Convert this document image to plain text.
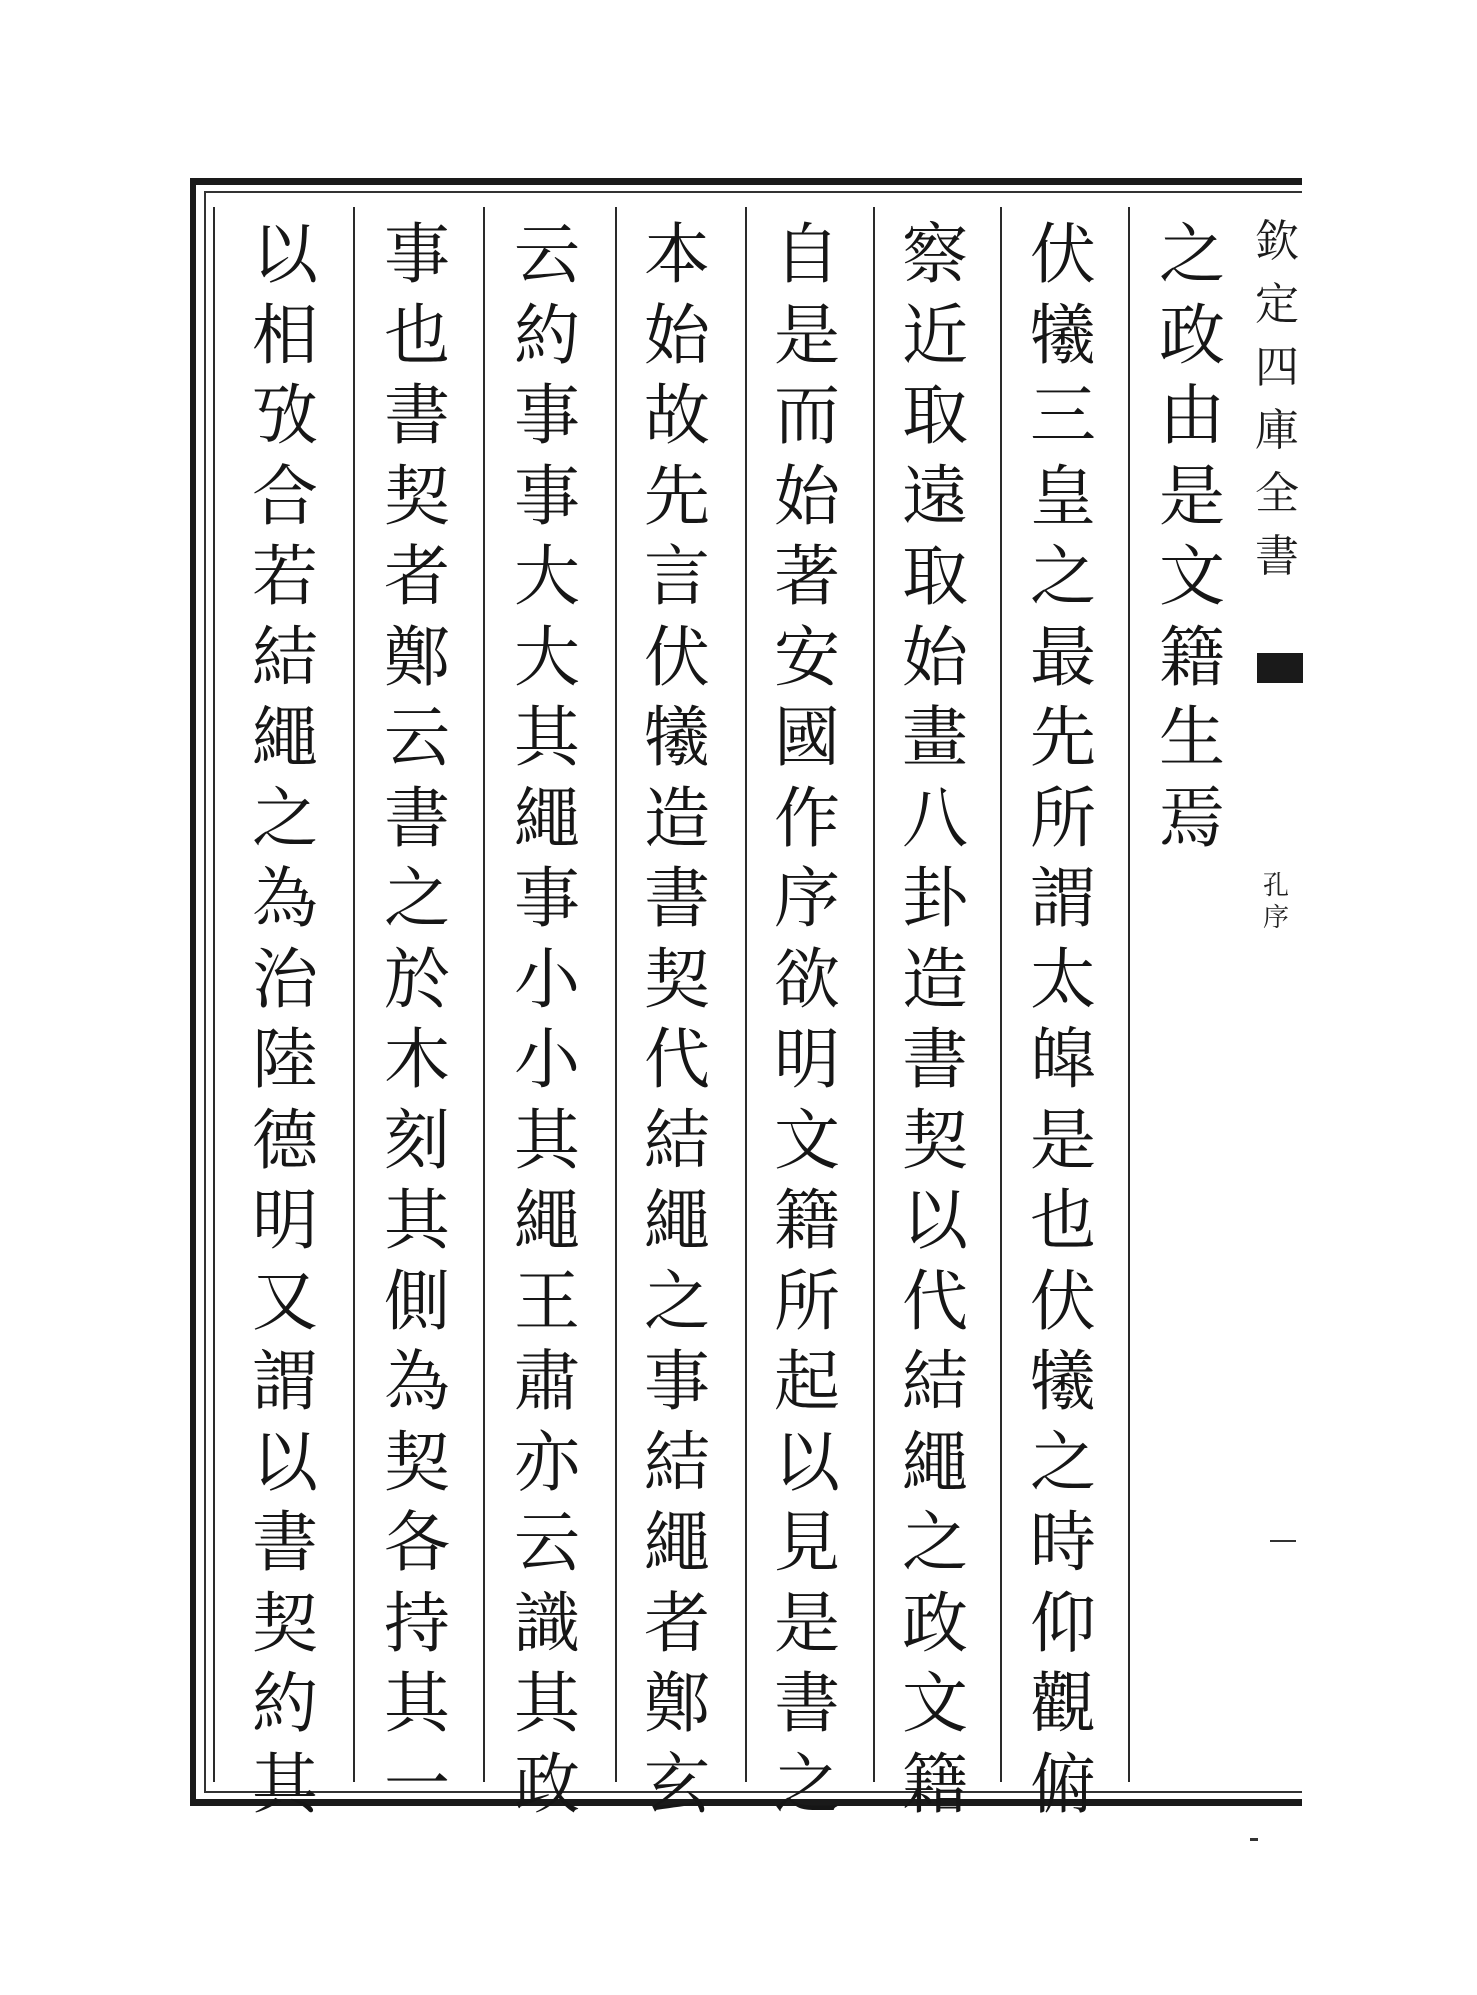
欽
定
四
庫
全
書
孔
序
之
政
由
是
文
籍
生
焉
伏
犧
三
皇
之
最
先
所
謂
太
皡
是
也
伏
犧
之
時
仰
觀
俯
察
近
取
遠
取
始
畫
八
卦
造
書
契
以
代
結
繩
之
政
文
籍
自
是
而
始
著
安
國
作
序
欲
明
文
籍
所
起
以
見
是
書
之
本
始
故
先
言
伏
犧
造
書
契
代
結
繩
之
事
結
繩
者
鄭
玄
云
約
事
事
大
大
其
繩
事
小
小
其
繩
王
肅
亦
云
識
其
政
事
也
書
契
者
鄭
云
書
之
於
木
刻
其
側
為
契
各
持
其
一
以
相
攷
合
若
結
繩
之
為
治
陸
德
明
又
謂
以
書
契
約
其
